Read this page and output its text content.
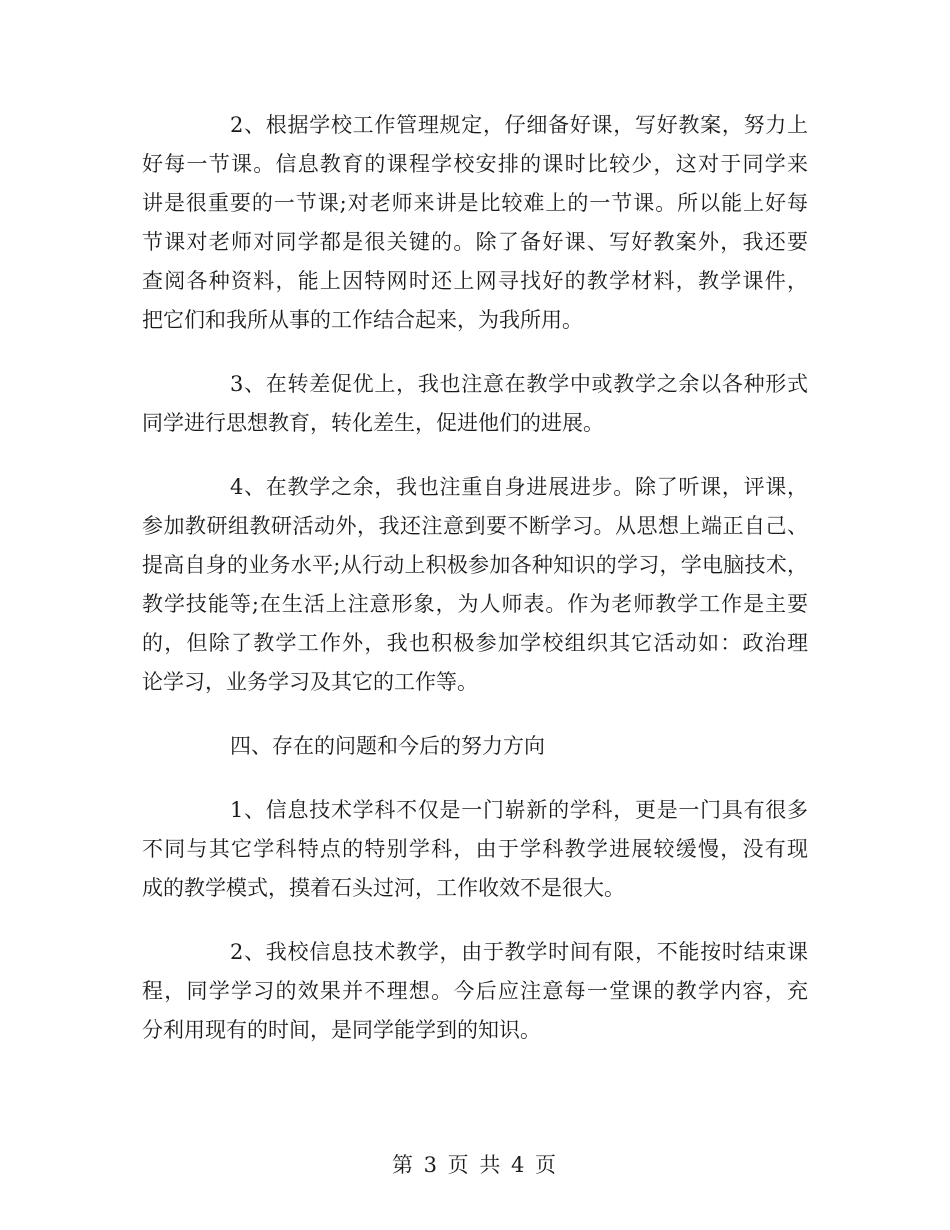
2、根据学校工作管理规定，仔细备好课，写好教案，努力上
好每一节课。信息教育的课程学校安排的课时比较少，这对于同学来
讲是很重要的一节课;对老师来讲是比较难上的一节课。所以能上好每
节课对老师对同学都是很关键的。除了备好课、写好教案外，我还要
查阅各种资料，能上因特网时还上网寻找好的教学材料，教学课件，
把它们和我所从事的工作结合起来，为我所用。
3、在转差促优上，我也注意在教学中或教学之余以各种形式
同学进行思想教育，转化差生，促进他们的进展。
4、在教学之余，我也注重自身进展进步。除了听课，评课，
参加教研组教研活动外，我还注意到要不断学习。从思想上端正自己、
提高自身的业务水平;从行动上积极参加各种知识的学习，学电脑技术，
教学技能等;在生活上注意形象，为人师表。作为老师教学工作是主要
的，但除了教学工作外，我也积极参加学校组织其它活动如：政治理
论学习，业务学习及其它的工作等。
四、存在的问题和今后的努力方向
1、信息技术学科不仅是一门崭新的学科，更是一门具有很多
不同与其它学科特点的特别学科，由于学科教学进展较缓慢，没有现
成的教学模式，摸着石头过河，工作收效不是很大。
2、我校信息技术教学，由于教学时间有限，不能按时结束课
程，同学学习的效果并不理想。今后应注意每一堂课的教学内容，充
分利用现有的时间，是同学能学到的知识。
第 3 页 共 4 页
